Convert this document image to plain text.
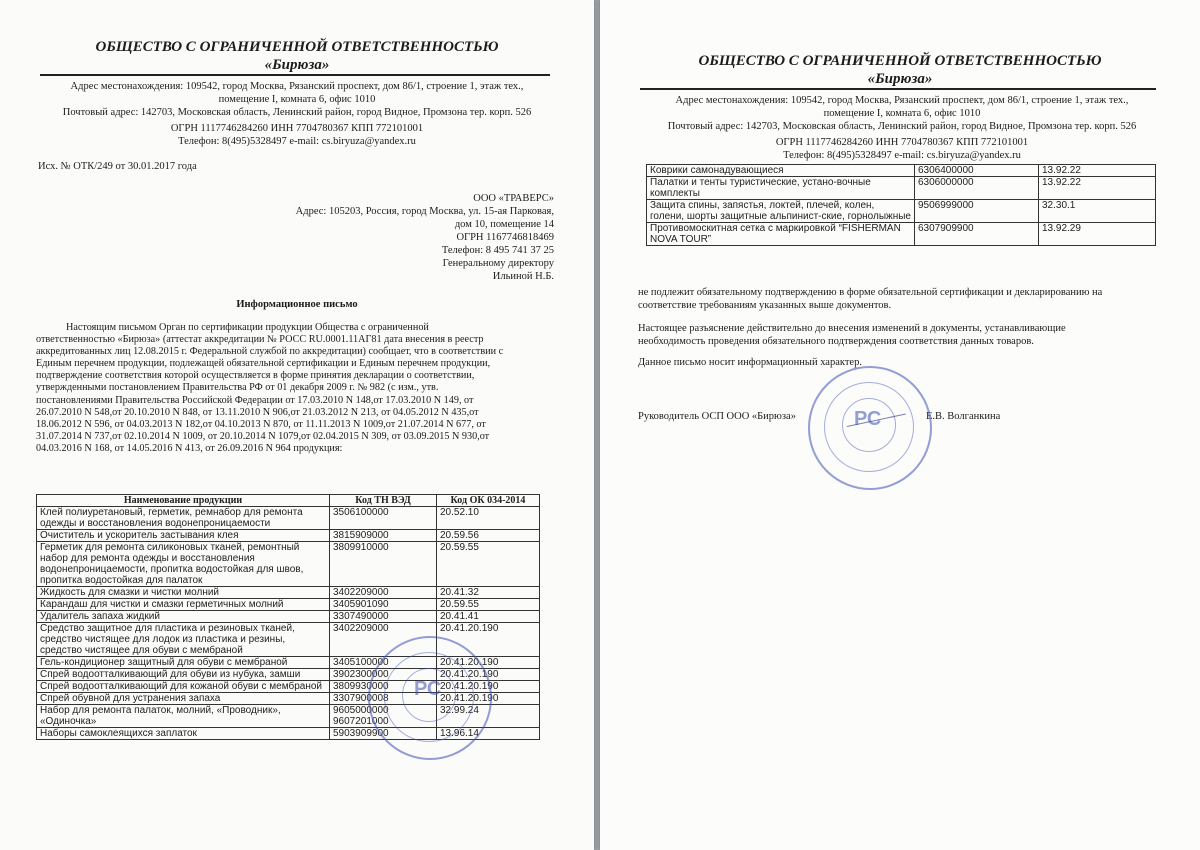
ОБЩЕСТВО С ОГРАНИЧЕННОЙ ОТВЕТСТВЕННОСТЬЮ
«Бирюза»
Адрес местонахождения: 109542, город Москва, Рязанский проспект, дом 86/1, строение 1, этаж тех.,
помещение I, комната 6, офис 1010
Почтовый адрес: 142703, Московская область, Ленинский район, город Видное, Промзона тер. корп. 526
ОГРН 1117746284260 ИНН 7704780367 КПП 772101001
Телефон: 8(495)5328497 e-mail: cs.biryuza@yandex.ru
Исх. № ОТК/249 от 30.01.2017 года
ООО «ТРАВЕРС»
Адрес: 105203, Россия, город Москва, ул. 15-ая Парковая,
дом 10, помещение 14
ОГРН 1167746818469
Телефон: 8 495 741 37 25
Генеральному директору
Ильиной Н.Б.
Информационное письмо
Настоящим письмом Орган по сертификации продукции Общества с ограниченной
ответственностью «Бирюза» (аттестат аккредитации № РОСС RU.0001.11АГ81 дата внесения в реестр
аккредитованных лиц 12.08.2015 г. Федеральной службой по аккредитации) сообщает, что в соответствии с
Единым перечнем продукции, подлежащей обязательной сертификации и Единым перечнем продукции,
подтверждение соответствия которой осуществляется в форме принятия декларации о соответствии,
утвержденными постановлением Правительства РФ от 01 декабря 2009 г. № 982 (с изм., утв.
постановлениями Правительства Российской Федерации от 17.03.2010 N 148,от 17.03.2010 N 149, от
26.07.2010 N 548,от 20.10.2010 N 848, от 13.11.2010 N 906,от 21.03.2012 N 213, от 04.05.2012 N 435,от
18.06.2012 N 596, от 04.03.2013 N 182,от 04.10.2013 N 870, от 11.11.2013 N 1009,от 21.07.2014 N 677, от
31.07.2014 N 737,от 02.10.2014 N 1009, от 20.10.2014 N 1079,от 02.04.2015 N 309, от 03.09.2015 N 930,от
04.03.2016 N 168, от 14.05.2016 N 413, от 26.09.2016 N 964 продукция:
Наименование продукции	Код ТН ВЭД	Код ОК 034-2014
Клей полиуретановый, герметик, ремнабор для ремонта одежды и восстановления водонепроницаемости	3506100000	20.52.10
Очиститель и ускоритель застывания клея	3815909000	20.59.56
Герметик для ремонта силиконовых тканей, ремонтный набор для ремонта одежды и восстановления водонепроницаемости, пропитка водостойкая для швов, пропитка водостойкая для палаток	3809910000	20.59.55
Жидкость для смазки и чистки молний	3402209000	20.41.32
Карандаш для чистки и смазки герметичных молний	3405901090	20.59.55
Удалитель запаха жидкий	3307490000	20.41.41
Средство защитное для пластика и резиновых тканей, средство чистящее для лодок из пластика и резины, средство чистящее для обуви с мембраной	3402209000	20.41.20.190
Гель-кондиционер защитный для обуви с мембраной	3405100000	20.41.20.190
Спрей водоотталкивающий для обуви из нубука, замши	3902300000	20.41.20.190
Спрей водоотталкивающий для кожаной обуви с мембраной	3809930000	20.41.20.190
Спрей обувной для устранения запаха	3307900008	20.41.20.190
Набор для ремонта палаток, молний, «Проводник», «Одиночка»	9605000000 9607201000	32.99.24
Наборы самоклеящихся заплаток	5903909900	13.96.14
РС
ОБЩЕСТВО С ОГРАНИЧЕННОЙ ОТВЕТСТВЕННОСТЬЮ
«Бирюза»
Адрес местонахождения: 109542, город Москва, Рязанский проспект, дом 86/1, строение 1, этаж тех.,
помещение I, комната 6, офис 1010
Почтовый адрес: 142703, Московская область, Ленинский район, город Видное, Промзона тер. корп. 526
ОГРН 1117746284260 ИНН 7704780367 КПП 772101001
Телефон: 8(495)5328497 e-mail: cs.biryuza@yandex.ru
Коврики самонадувающиеся	6306400000	13.92.22
Палатки и тенты туристические, устано-вочные комплекты	6306000000	13.92.22
Защита спины, запястья, локтей, плечей, колен, голени, шорты защитные альпинист-ские, горнолыжные	9506999000	32.30.1
Противомоскитная сетка с маркировкой “FISHERMAN NOVA TOUR”	6307909900	13.92.29
не подлежит обязательному подтверждению в форме обязательной сертификации и декларированию на
соответствие требованиям указанных выше документов.
Настоящее разъяснение действительно до внесения изменений в документы, устанавливающие
необходимость проведения обязательного подтверждения соответствия данных товаров.
Данное письмо носит информационный характер.
Руководитель ОСП ООО «Бирюза»	Е.В. Волганкина
РС
